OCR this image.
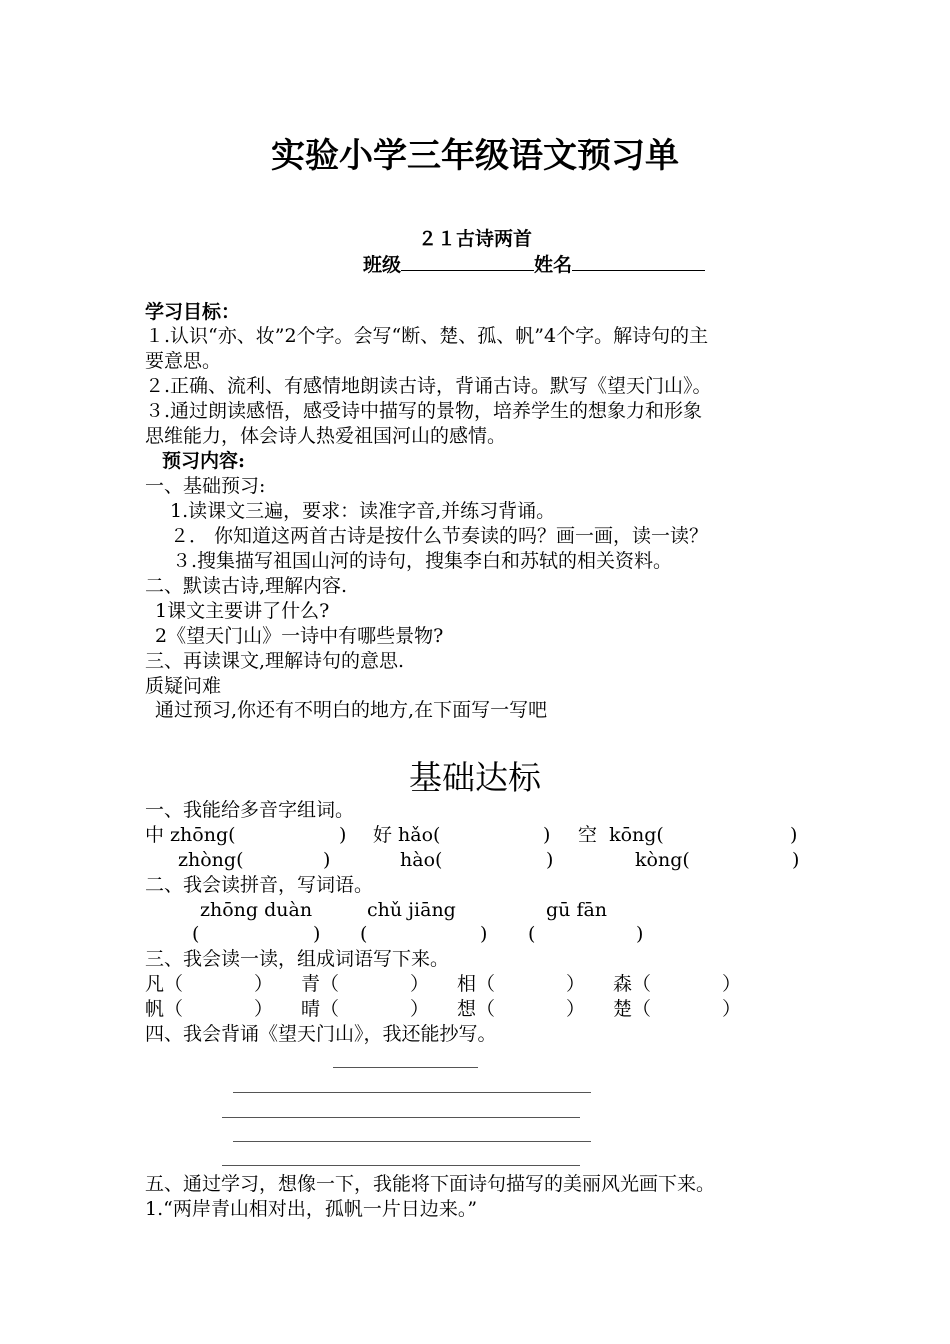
实验小学三年级语文预习单
２１古诗两首
班级	姓名
学习目标：
１.认识“亦、妆”2个字。会写“断、楚、孤、帆”4个字。解诗句的主
要意思。
２.正确、流利、有感情地朗读古诗，背诵古诗。默写《望天门山》。
３.通过朗读感悟，感受诗中描写的景物，培养学生的想象力和形象
思维能力，体会诗人热爱祖国河山的感情。
预习内容:
一、基础预习:
1.读课文三遍，要求：读准字音,并练习背诵。
２． 你知道这两首古诗是按什么节奏读的吗？画一画，读一读？
３.搜集描写祖国山河的诗句，搜集李白和苏轼的相关资料。
二、默读古诗,理解内容.
1课文主要讲了什么?
2《望天门山》一诗中有哪些景物?
三、再读课文,理解诗句的意思.
质疑问难
通过预习,你还有不明白的地方,在下面写一写吧
基础达标
一、我能给多音字组词。
中 zhōng(	) 好 hǎo(	) 空  kōng(	)
zhòng(	)	hào(	)	kòng(	)
二、我会读拼音，写词语。
zhōng duàn	chǔ jiāng	gū fān
(	) (	) (	)
三、我会读一读，组成词语写下来。
凡（	） 青（	） 相（	） 森（	）
帆（	） 晴（	） 想（	） 楚（	）
四、我会背诵《望天门山》，我还能抄写。
五、通过学习，想像一下，我能将下面诗句描写的美丽风光画下来。
1.“两岸青山相对出，孤帆一片日边来。”
